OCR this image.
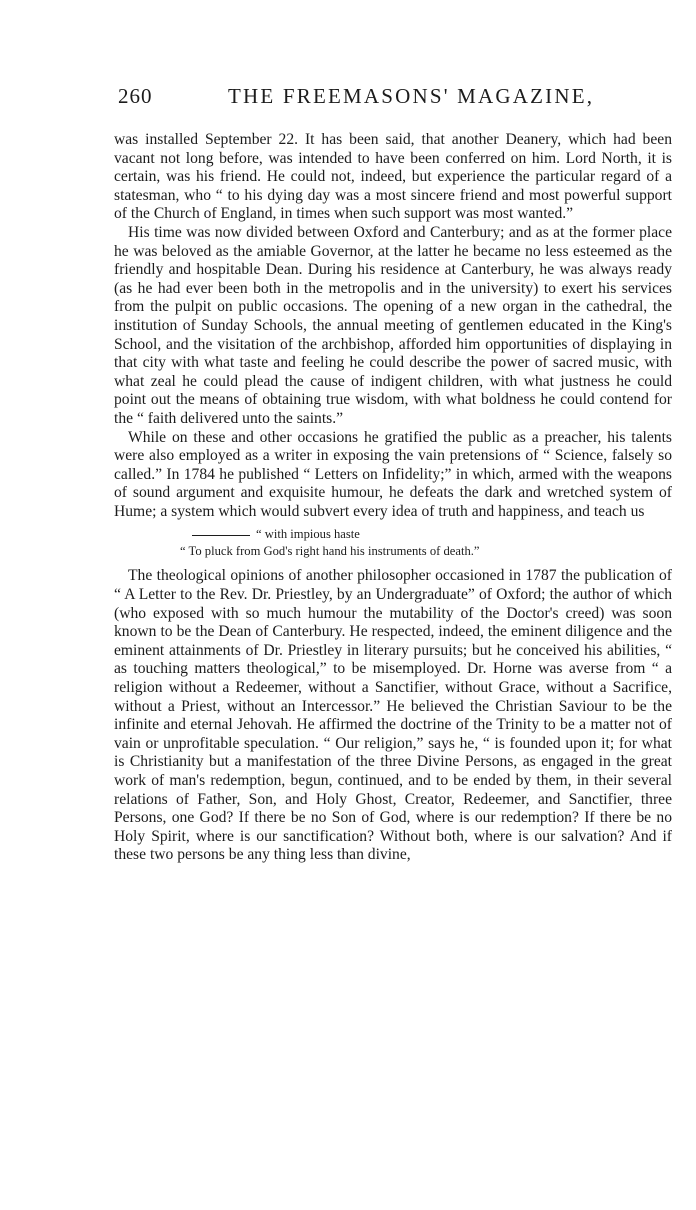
260	THE FREEMASONS' MAGAZINE,

was installed September 22. It has been said, that another Deanery, which had been vacant not long before, was intended to have been conferred on him. Lord North, it is certain, was his friend. He could not, indeed, but experience the particular regard of a statesman, who “ to his dying day was a most sincere friend and most powerful support of the Church of England, in times when such support was most wanted.”

His time was now divided between Oxford and Canterbury; and as at the former place he was beloved as the amiable Governor, at the latter he became no less esteemed as the friendly and hospitable Dean. During his residence at Canterbury, he was always ready (as he had ever been both in the metropolis and in the university) to exert his services from the pulpit on public occasions. The opening of a new organ in the cathedral, the institution of Sunday Schools, the annual meeting of gentlemen educated in the King's School, and the visitation of the archbishop, afforded him opportunities of displaying in that city with what taste and feeling he could describe the power of sacred music, with what zeal he could plead the cause of indigent children, with what justness he could point out the means of obtaining true wisdom, with what boldness he could contend for the “ faith delivered unto the saints.”

While on these and other occasions he gratified the public as a preacher, his talents were also employed as a writer in exposing the vain pretensions of “ Science, falsely so called.” In 1784 he published “ Letters on Infidelity;” in which, armed with the weapons of sound argument and exquisite humour, he defeats the dark and wretched system of Hume; a system which would subvert every idea of truth and happiness, and teach us

“ with impious haste
“ To pluck from God's right hand his instruments of death.”

The theological opinions of another philosopher occasioned in 1787 the publication of “ A Letter to the Rev. Dr. Priestley, by an Undergraduate” of Oxford; the author of which (who exposed with so much humour the mutability of the Doctor's creed) was soon known to be the Dean of Canterbury. He respected, indeed, the eminent diligence and the eminent attainments of Dr. Priestley in literary pursuits; but he conceived his abilities, “ as touching matters theological,” to be misemployed. Dr. Horne was averse from “ a religion without a Redeemer, without a Sanctifier, without Grace, without a Sacrifice, without a Priest, without an Intercessor.” He believed the Christian Saviour to be the infinite and eternal Jehovah. He affirmed the doctrine of the Trinity to be a matter not of vain or unprofitable speculation. “ Our religion,” says he, “ is founded upon it; for what is Christianity but a manifestation of the three Divine Persons, as engaged in the great work of man's redemption, begun, continued, and to be ended by them, in their several relations of Father, Son, and Holy Ghost, Creator, Redeemer, and Sanctifier, three Persons, one God? If there be no Son of God, where is our redemption? If there be no Holy Spirit, where is our sanctification? Without both, where is our salvation? And if these two persons be any thing less than divine,
